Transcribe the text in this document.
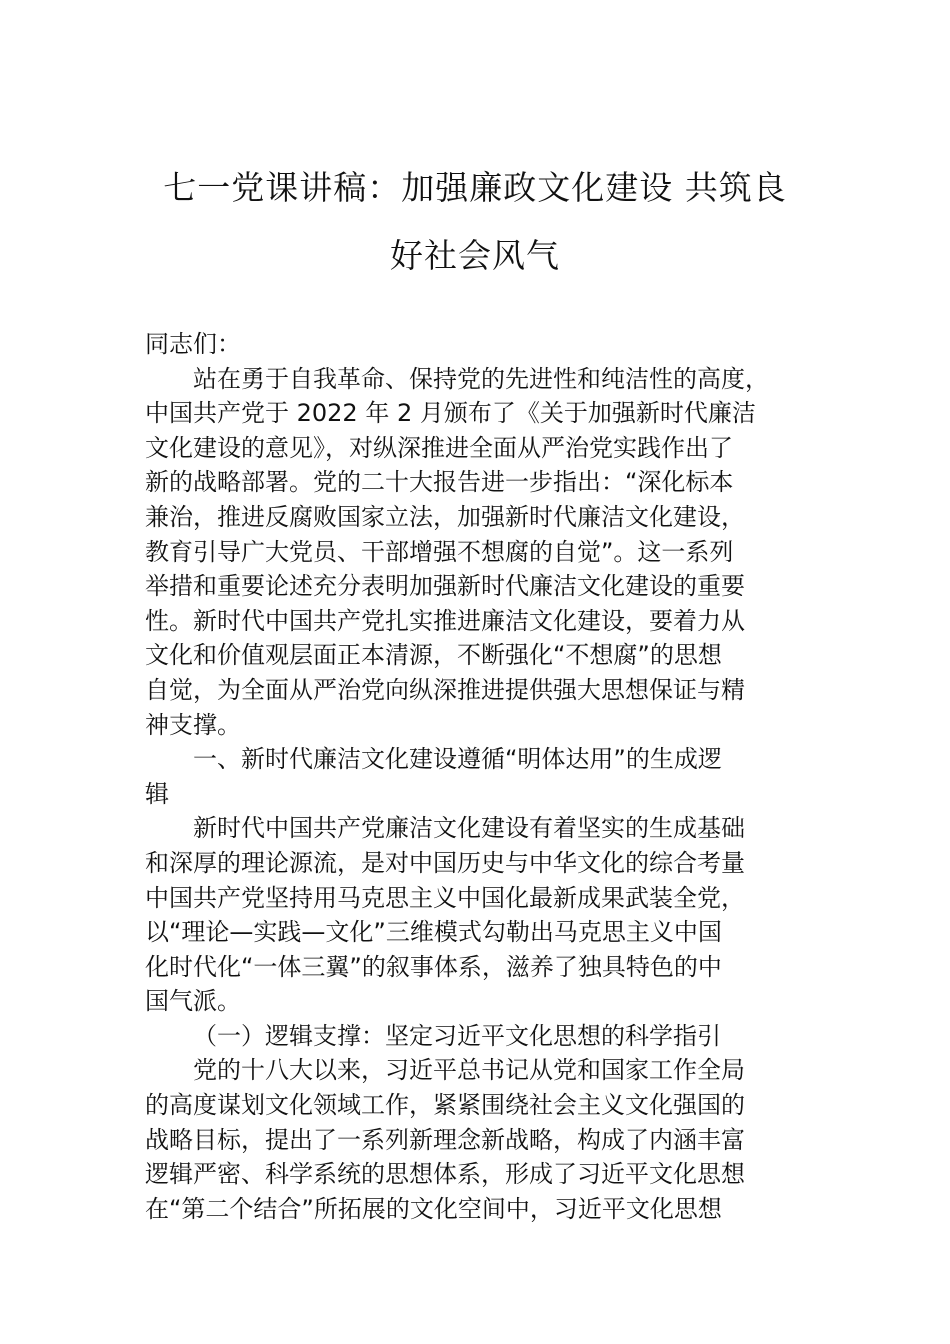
七一党课讲稿：加强廉政文化建设 共筑良
好社会风气
同志们：
站在勇于自我革命、保持党的先进性和纯洁性的高度，
中国共产党于 2022 年 2 月颁布了《关于加强新时代廉洁
文化建设的意见》，对纵深推进全面从严治党实践作出了
新的战略部署。党的二十大报告进一步指出：“深化标本
兼治，推进反腐败国家立法，加强新时代廉洁文化建设，
教育引导广大党员、干部增强不想腐的自觉”。这一系列
举措和重要论述充分表明加强新时代廉洁文化建设的重要
性。新时代中国共产党扎实推进廉洁文化建设，要着力从
文化和价值观层面正本清源，不断强化“不想腐”的思想
自觉，为全面从严治党向纵深推进提供强大思想保证与精
神支撑。
一、新时代廉洁文化建设遵循“明体达用”的生成逻
辑
新时代中国共产党廉洁文化建设有着坚实的生成基础
和深厚的理论源流，是对中国历史与中华文化的综合考量
中国共产党坚持用马克思主义中国化最新成果武装全党，
以“理论—实践—文化”三维模式勾勒出马克思主义中国
化时代化“一体三翼”的叙事体系，滋养了独具特色的中
国气派。
（一）逻辑支撑：坚定习近平文化思想的科学指引
党的十八大以来，习近平总书记从党和国家工作全局
的高度谋划文化领域工作，紧紧围绕社会主义文化强国的
战略目标，提出了一系列新理念新战略，构成了内涵丰富
逻辑严密、科学系统的思想体系，形成了习近平文化思想
在“第二个结合”所拓展的文化空间中，习近平文化思想
